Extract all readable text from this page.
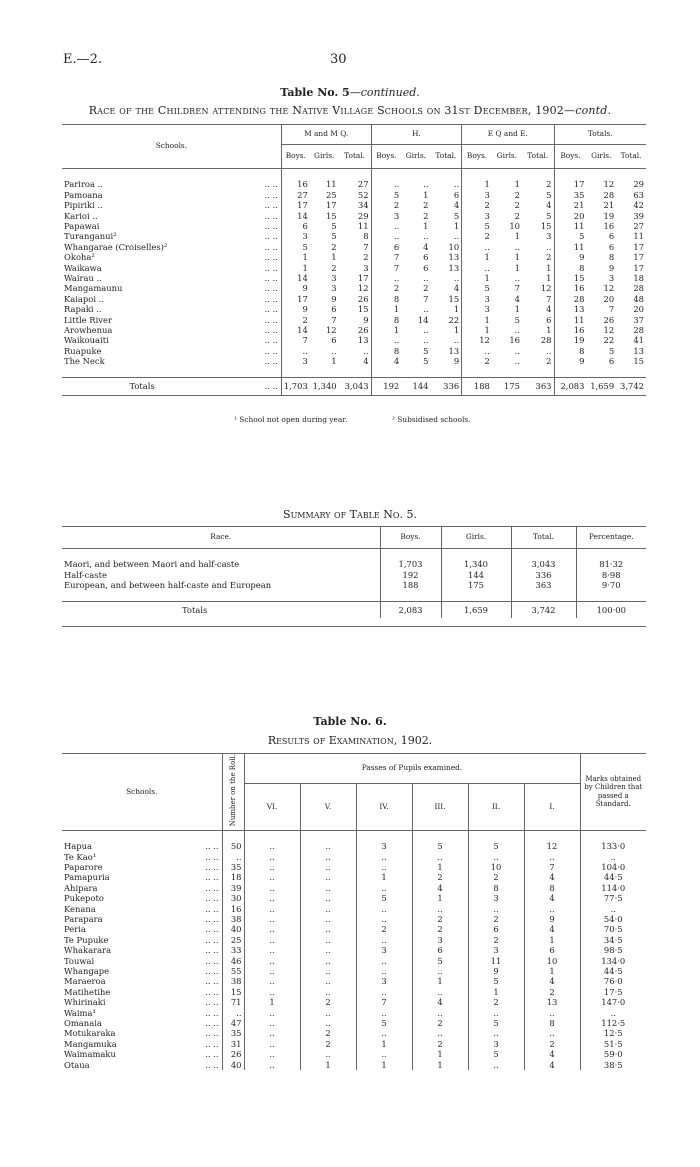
E.—2.	30
Table No. 5—continued.
Race of the Children attending the Native Village Schools on 31st December, 1902—contd.
Schools.		M and M Q.			H.			E Q and E.			Totals.		
		Boys.	Girls.	Total.	Boys.	Girls.	Total.	Boys.	Girls.	Total.	Boys.	Girls.	Total.

Pariroa ..	.. ..	16	11	27	..	..	..	1	1	2	17	12	29
Pamoana	.. ..	27	25	52	5	1	6	3	2	5	35	28	63
Pipiriki ..	.. ..	17	17	34	2	2	4	2	2	4	21	21	42
Karioi ..	.. ..	14	15	29	3	2	5	3	2	5	20	19	39
Papawai	.. ..	6	5	11	..	1	1	5	10	15	11	16	27
Turanganui²	.. ..	3	5	8	..	..	..	2	1	3	5	6	11
Whangarae (Croiselles)²	.. ..	5	2	7	6	4	10	..	..	..	11	6	17
Okoha²	.. ..	1	1	2	7	6	13	1	1	2	9	8	17
Waikawa	.. ..	1	2	3	7	6	13	..	1	1	8	9	17
Wairau ..	.. ..	14	3	17	..	..	..	1	..	1	15	3	18
Mangamaunu	.. ..	9	3	12	2	2	4	5	7	12	16	12	28
Kaiapoi ..	.. ..	17	9	26	8	7	15	3	4	7	28	20	48
Rapaki ..	.. ..	9	6	15	1	..	1	3	1	4	13	7	20
Little River	.. ..	2	7	9	8	14	22	1	5	6	11	26	37
Arowhenua	.. ..	14	12	26	1	..	1	1	..	1	16	12	28
Waikouaiti	.. ..	7	6	13	..	..	..	12	16	28	19	22	41
Ruapuke	.. ..	..	..	..	8	5	13	..	..	..	8	5	13
The Neck	.. ..	3	1	4	4	5	9	2	..	2	9	6	15

Totals	.. ..	1,703	1,340	3,043	192	144	336	188	175	363	2,083	1,659	3,742
¹ School not open during year.	² Subsidised schools.
Summary of Table No. 5.
Race.	Boys.	Girls.	Total.	Percentage.

Maori, and between Maori and half-caste	1,703	1,340	3,043	81·32
Half-caste	192	144	336	8·98
European, and between half-caste and European	188	175	363	9·70

Totals	2,083	1,659	3,742	100·00
Table No. 6.
Results of Examination, 1902.
Schools.		Number on the Roll.	Passes of Pupils examined.						Marks obtained by Children that passed a Standard.
			VI.	V.	IV.	III.	II.	I.	

Hapua	.. ..	50	..	..	3	5	5	12	133·0
Te Kao¹	.. ..	..	..	..	..	..	..	..	..
Paparore	.. ..	35	..	..	..	1	10	7	104·0
Pamapuria	.. ..	18	..	..	1	2	2	4	44·5
Ahipara	.. ..	39	..	..	..	4	8	8	114·0
Pukepoto	.. ..	30	..	..	5	1	3	4	77·5
Kenana	.. ..	16	..	..	..	..	..	..	..
Parapara	.. ..	38	..	..	..	2	2	9	54·0
Peria	.. ..	40	..	..	2	2	6	4	70·5
Te Pupuke	.. ..	25	..	..	..	3	2	1	34·5
Whakarara	.. ..	33	..	..	3	6	3	6	98·5
Touwai	.. ..	46	..	..	..	5	11	10	134·0
Whangape	.. ..	55	..	..	..	..	9	1	44·5
Maraeroa	.. ..	38	..	..	3	1	5	4	76·0
Matihetihe	.. ..	15	..	..	..	..	1	2	17·5
Whirinaki	.. ..	71	1	2	7	4	2	13	147·0
Waima¹	.. ..	..	..	..	..	..	..	..	..
Omanaia	.. ..	47	..	..	5	2	5	8	112·5
Motukaraka	.. ..	35	..	2	..	..	..	..	12·5
Mangamuka	.. ..	31	..	2	1	2	3	2	51·5
Waimamaku	.. ..	26	..	..	..	1	5	4	59·0
Otaua	.. ..	40	..	1	1	1	..	4	38·5
